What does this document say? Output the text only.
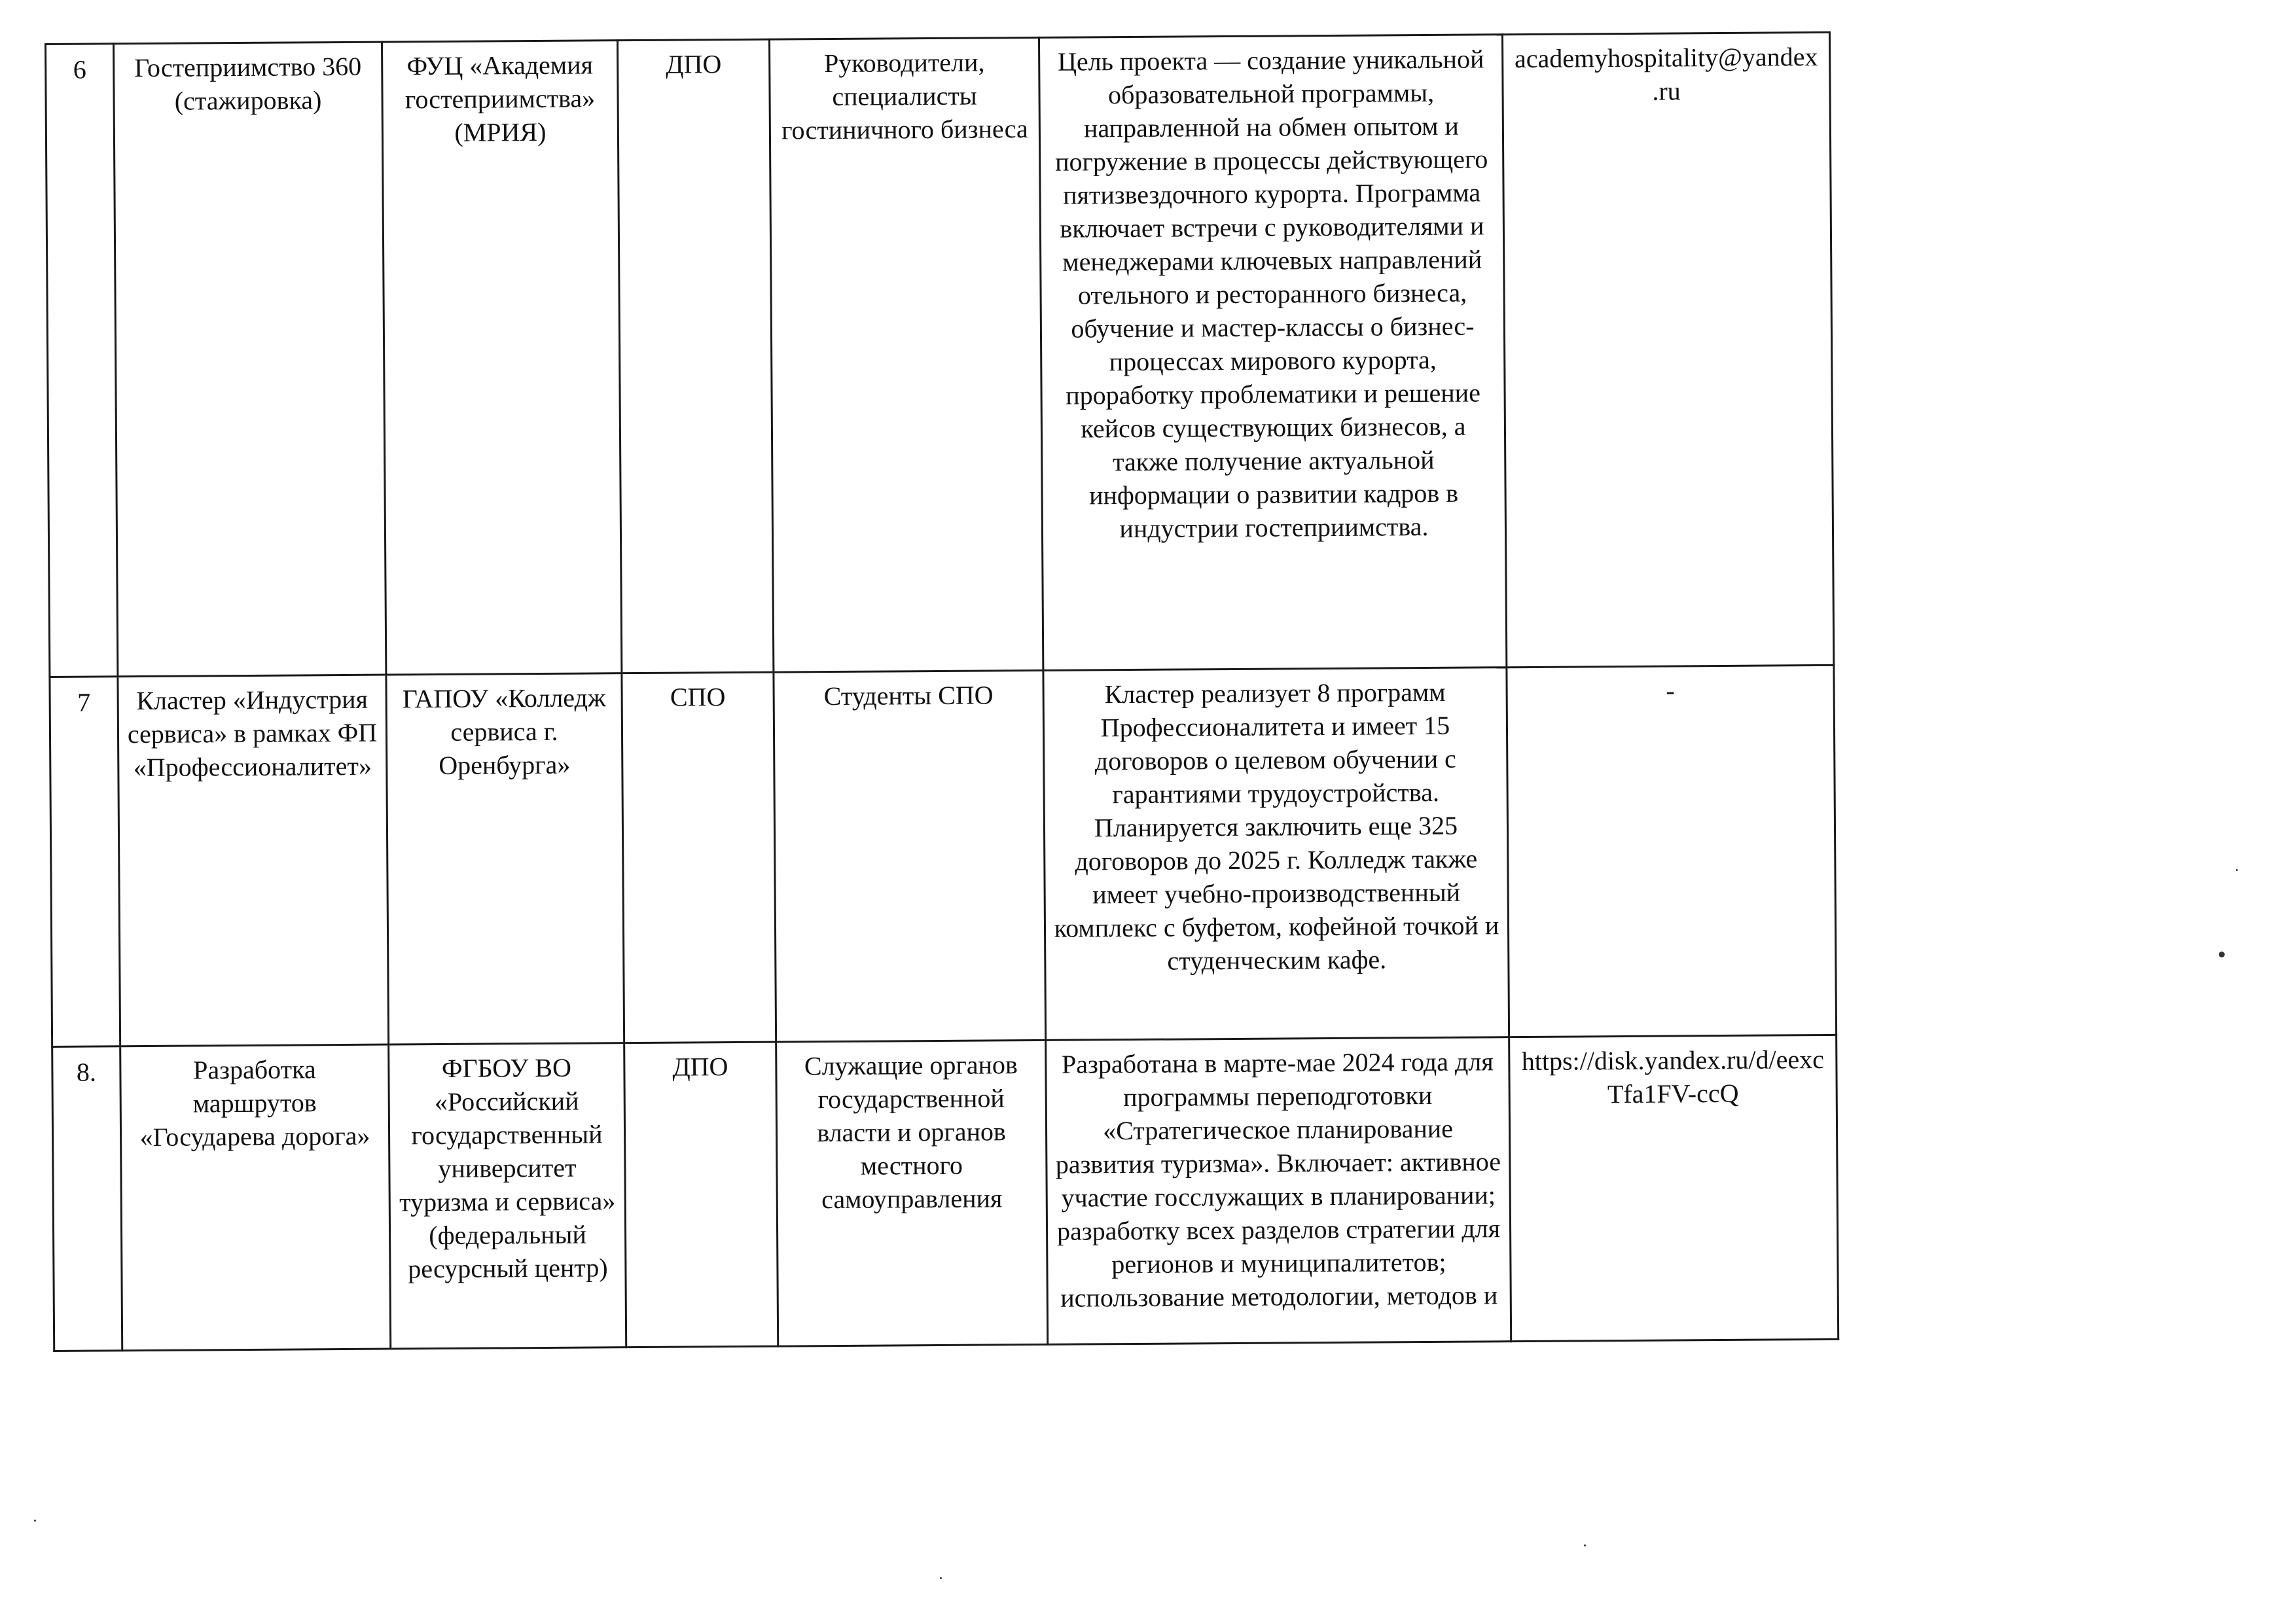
6	Гостеприимство 360 (стажировка)	ФУЦ «Академия гостеприимства» (МРИЯ)	ДПО	Руководители, специалисты гостиничного бизнеса	Цель проекта — создание уникальной образовательной программы, направленной на обмен опытом и погружение в процессы действующего пятизвездочного курорта. Программа включает встречи с руководителями и менеджерами ключевых направлений отельного и ресторанного бизнеса, обучение и мастер-классы о бизнес-процессах мирового курорта, проработку проблематики и решение кейсов существующих бизнесов, а также получение актуальной информации о развитии кадров в индустрии гостеприимства.	academyhospitality@yandex.ru
7	Кластер «Индустрия сервиса» в рамках ФП «Профессионалитет»	ГАПОУ «Колледж сервиса г. Оренбурга»	СПО	Студенты СПО	Кластер реализует 8 программ Профессионалитета и имеет 15 договоров о целевом обучении с гарантиями трудоустройства. Планируется заключить еще 325 договоров до 2025 г. Колледж также имеет учебно-производственный комплекс с буфетом, кофейной точкой и студенческим кафе.	-
8.	Разработка маршрутов «Государева дорога»	ФГБОУ ВО «Российский государственный университет туризма и сервиса» (федеральный ресурсный центр)	ДПО	Служащие органов государственной власти и органов местного самоуправления	Разработана в марте-мае 2024 года для программы переподготовки «Стратегическое планирование развития туризма». Включает: активное участие госслужащих в планировании; разработку всех разделов стратегии для регионов и муниципалитетов; использование методологии, методов и	https://disk.yandex.ru/d/eexcTfa1FV-ccQ
